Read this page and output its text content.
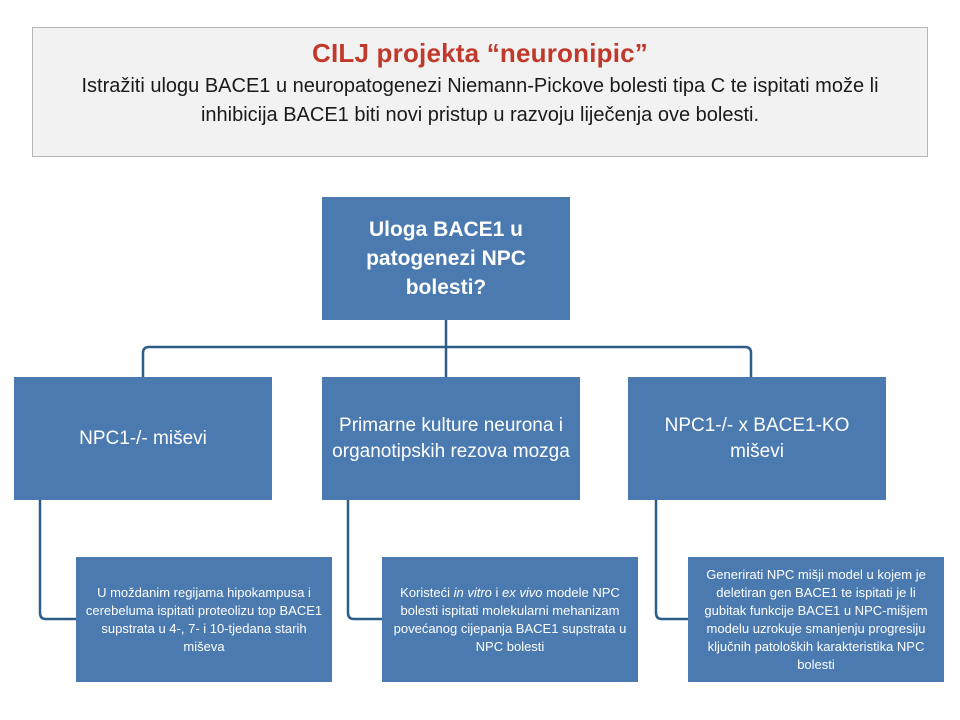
CILJ projekta “neuronipic”
Istražiti ulogu BACE1 u neuropatogenezi Niemann-Pickove bolesti tipa C te ispitati može li inhibicija BACE1 biti novi pristup u razvoju liječenja ove bolesti.
Uloga BACE1 u patogenezi NPC bolesti?
NPC1-/- miševi
Primarne kulture neurona i organotipskih rezova mozga
NPC1-/- x BACE1-KO miševi
U moždanim regijama hipokampusa i cerebeluma ispitati proteolizu top BACE1 supstrata u 4-, 7- i 10-tjedana starih miševa
Koristeći in vitro i ex vivo modele NPC bolesti ispitati molekularni mehanizam povećanog cijepanja BACE1 supstrata u NPC bolesti
Generirati NPC mišji model u kojem je deletiran gen BACE1 te ispitati je li gubitak funkcije BACE1 u NPC-mišjem modelu uzrokuje smanjenju progresiju ključnih patoloških karakteristika NPC bolesti
